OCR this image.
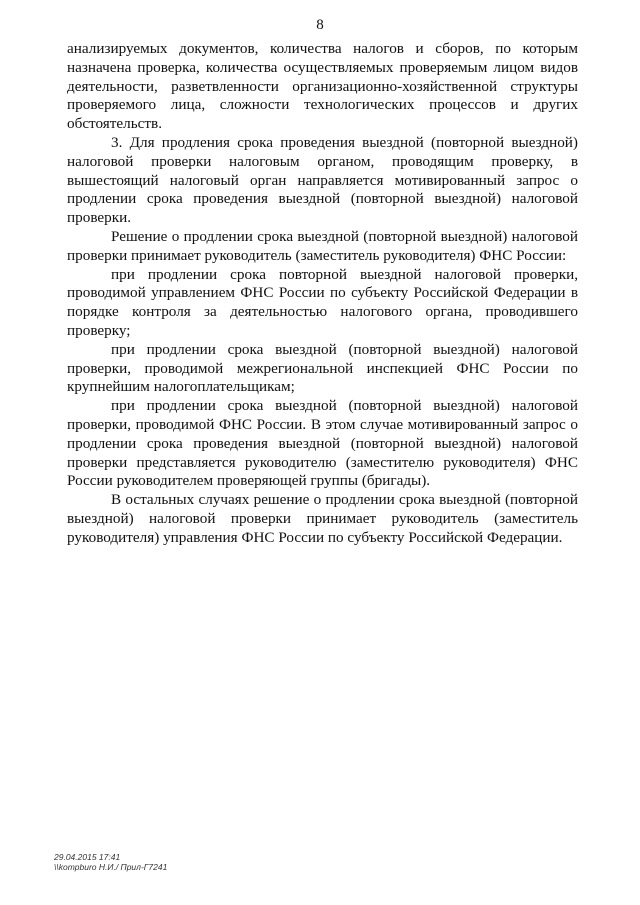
8

анализируемых документов, количества налогов и сборов, по которым назначена проверка, количества осуществляемых проверяемым лицом видов деятельности, разветвленности организационно-хозяйственной структуры проверяемого лица, сложности технологических процессов и других обстоятельств.

3. Для продления срока проведения выездной (повторной выездной) налоговой проверки налоговым органом, проводящим проверку, в вышестоящий налоговый орган направляется мотивированный запрос о продлении срока проведения выездной (повторной выездной) налоговой проверки.

Решение о продлении срока выездной (повторной выездной) налоговой проверки принимает руководитель (заместитель руководителя) ФНС России:

при продлении срока повторной выездной налоговой проверки, проводимой управлением ФНС России по субъекту Российской Федерации в порядке контроля за деятельностью налогового органа, проводившего проверку;

при продлении срока выездной (повторной выездной) налоговой проверки, проводимой межрегиональной инспекцией ФНС России по крупнейшим налогоплательщикам;

при продлении срока выездной (повторной выездной) налоговой проверки, проводимой ФНС России. В этом случае мотивированный запрос о продлении срока проведения выездной (повторной выездной) налоговой проверки представляется руководителю (заместителю руководителя) ФНС России руководителем проверяющей группы (бригады).

В остальных случаях решение о продлении срока выездной (повторной выездной) налоговой проверки принимает руководитель (заместитель руководителя) управления ФНС России по субъекту Российской Федерации.

29.04.2015 17:41
\\kompburo Н.И./ Прил-Г7241
